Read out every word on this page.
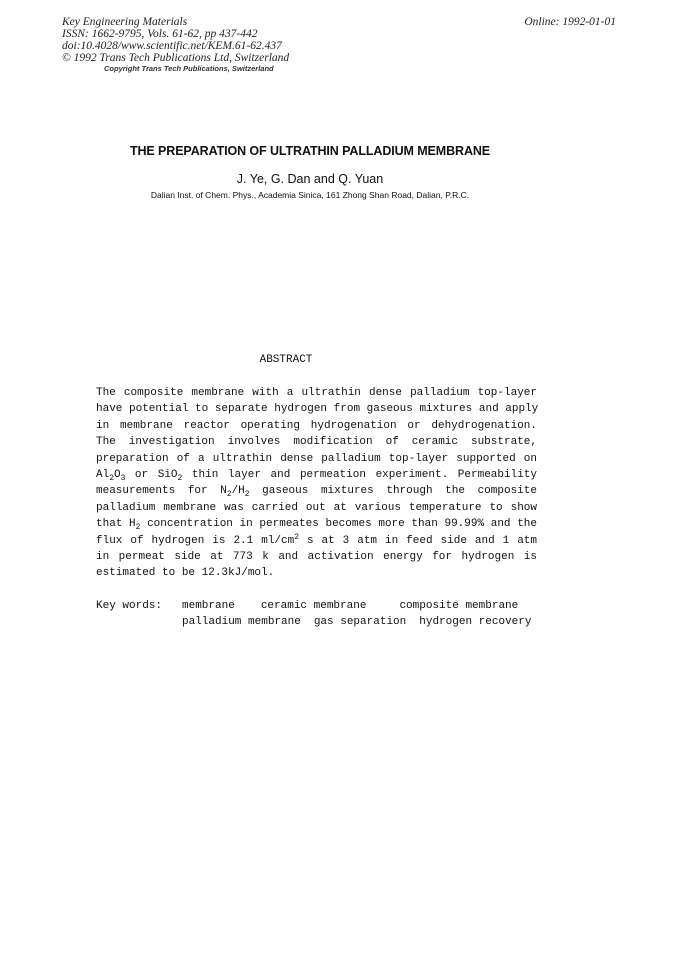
Key Engineering Materials
ISSN: 1662-9795, Vols. 61-62, pp 437-442
doi:10.4028/www.scientific.net/KEM.61-62.437
© 1992 Trans Tech Publications Ltd, Switzerland
Online: 1992-01-01
Copyright Trans Tech Publications, Switzerland
THE PREPARATION OF ULTRATHIN PALLADIUM MEMBRANE
J. Ye, G. Dan and Q. Yuan
Dalian Inst. of Chem. Phys., Academia Sinica, 161 Zhong Shan Road, Dalian, P.R.C.
ABSTRACT
The composite membrane with a ultrathin dense palladium top-layer
have potential to separate hydrogen from gaseous mixtures and apply
in membrane reactor operating hydrogenation or dehydrogenation.
The investigation involves modification of ceramic substrate,
preparation of a ultrathin dense palladium top-layer supported on
$Al_2O_3$ or SiO$_2$ thin layer and permeation experiment. Permeability
measurements for $N_2/H_2$ gaseous mixtures through the composite
palladium membrane was carried out at various temperature to show
that $H_2$ concentration in permeates becomes more than 99.99% and the
flux of hydrogen is 2.1 $ml/cm^2$ s at 3 atm in feed side and 1 atm
in permeat side at 773 k and activation energy for hydrogen is
estimated to be 12.3kJ/mol.
Key words: membrane ceramic membrane	composite membrane
palladium membrane gas separation hydrogen recovery
